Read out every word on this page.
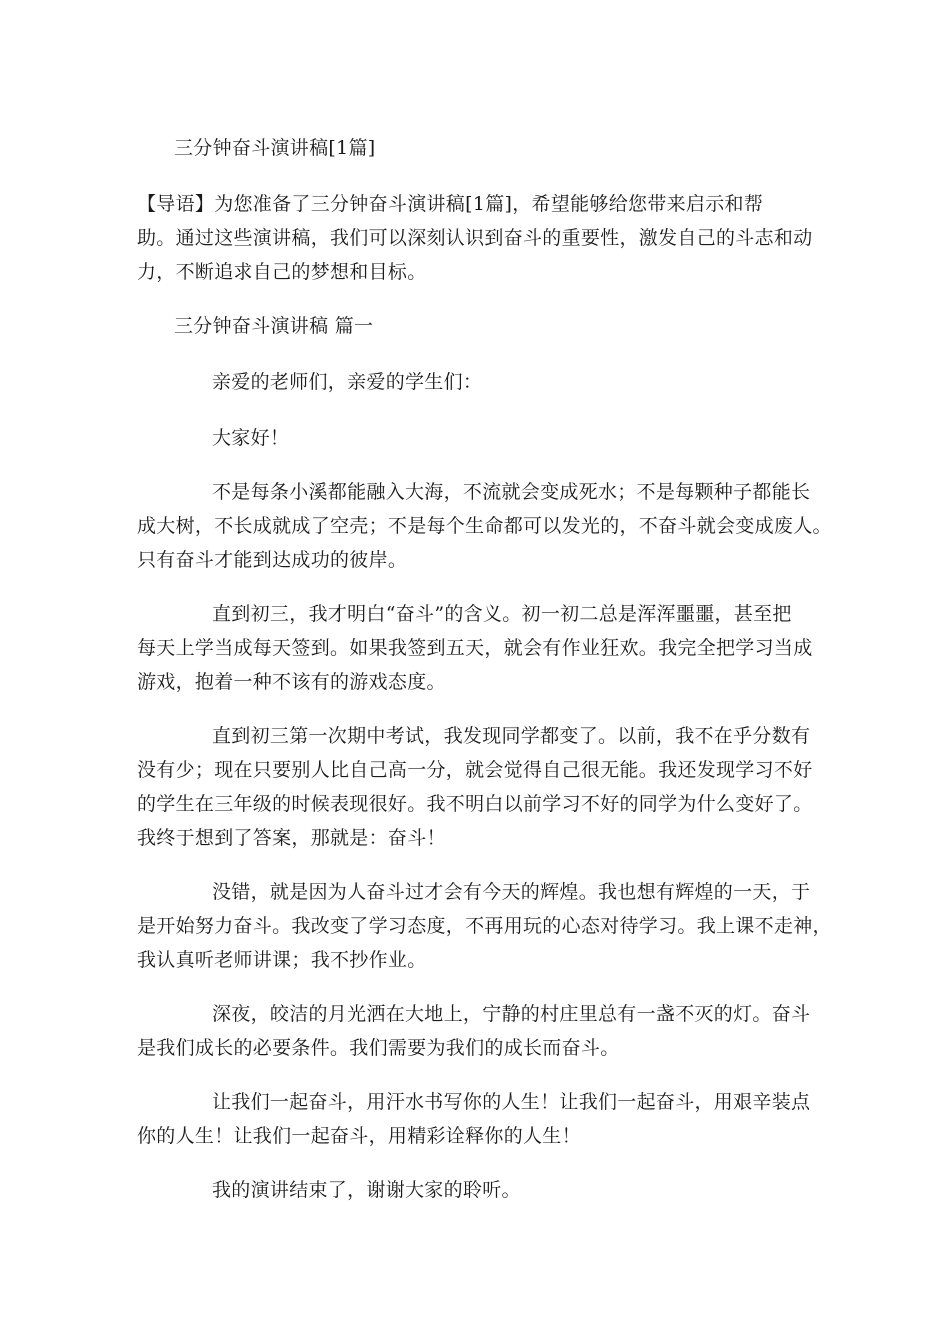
三分钟奋斗演讲稿[1篇]
【导语】为您准备了三分钟奋斗演讲稿[1篇]，希望能够给您带来启示和帮
助。通过这些演讲稿，我们可以深刻认识到奋斗的重要性，激发自己的斗志和动
力，不断追求自己的梦想和目标。
三分钟奋斗演讲稿 篇一
亲爱的老师们，亲爱的学生们：
大家好！
不是每条小溪都能融入大海，不流就会变成死水；不是每颗种子都能长
成大树，不长成就成了空壳；不是每个生命都可以发光的，不奋斗就会变成废人。
只有奋斗才能到达成功的彼岸。
直到初三，我才明白“奋斗”的含义。初一初二总是浑浑噩噩，甚至把
每天上学当成每天签到。如果我签到五天，就会有作业狂欢。我完全把学习当成
游戏，抱着一种不该有的游戏态度。
直到初三第一次期中考试，我发现同学都变了。以前，我不在乎分数有
没有少；现在只要别人比自己高一分，就会觉得自己很无能。我还发现学习不好
的学生在三年级的时候表现很好。我不明白以前学习不好的同学为什么变好了。
我终于想到了答案，那就是：奋斗！
没错，就是因为人奋斗过才会有今天的辉煌。我也想有辉煌的一天，于
是开始努力奋斗。我改变了学习态度，不再用玩的心态对待学习。我上课不走神，
我认真听老师讲课；我不抄作业。
深夜，皎洁的月光洒在大地上，宁静的村庄里总有一盏不灭的灯。奋斗
是我们成长的必要条件。我们需要为我们的成长而奋斗。
让我们一起奋斗，用汗水书写你的人生！让我们一起奋斗，用艰辛装点
你的人生！让我们一起奋斗，用精彩诠释你的人生！
我的演讲结束了，谢谢大家的聆听。
